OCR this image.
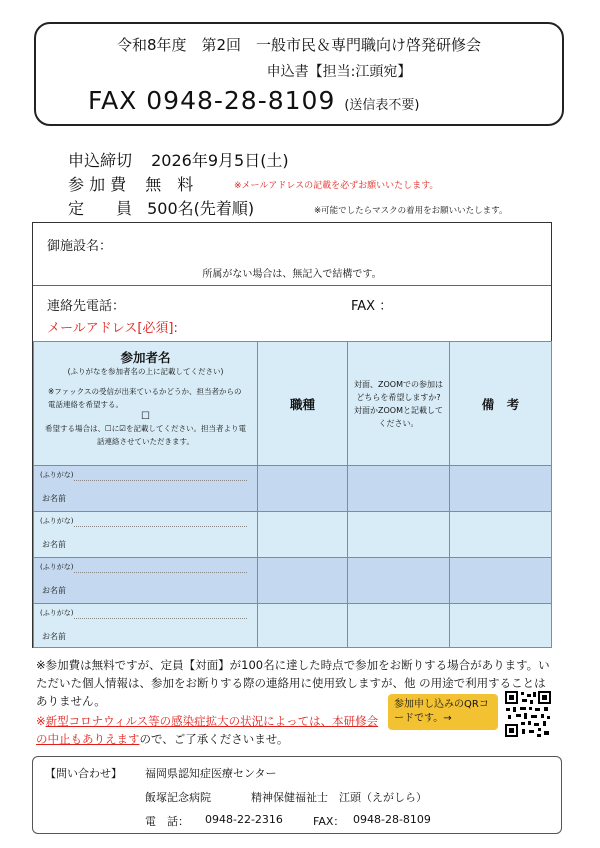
令和8年度　第2回　一般市民＆専門職向け啓発研修会
申込書【担当:江頭宛】
FAX 0948-28-8109 (送信表不要)
申込締切 2026年9月5日(土)
参 加 費 無　料	※メールアドレスの記載を必ずお願いいたします。
定　　員 500名(先着順)	※可能でしたらマスクの着用をお願いいたします。
御施設名：
所属がない場合は、無記入で結構です。
連絡先電話：	FAX ：
メールアドレス[必須]:
参加者名
(ふりがなを参加者名の上に記載してください)
※ファックスの受信が出来ているかどうか、担当者からの電話連絡を希望する。
☐
希望する場合は、☐に☑を記載してください。担当者より電話連絡させていただきます。	職種	対面、ZOOMでの参加はどちらを希望しますか?対面かZOOMと記載してください。	備　考

(ふりがな)
お名前			

(ふりがな)
お名前			

(ふりがな)
お名前			

(ふりがな)
お名前			

※参加費は無料ですが、定員【対面】が100名に達した時点で参加をお断りする場合があります。いただいた個人情報は、参加をお断りする際の連絡用に使用致しますが、他 の用途で利用することはありません。
※新型コロナウィルス等の感染症拡大の状況によっては、本研修会の中止もありえますので、ご了承くださいませ。
参加申し込みのQRコードです。→
【問い合わせ】 福岡県認知症医療センター
飯塚記念病院	精神保健福祉士　江頭（えがしら）
電　話： 0948-22-2316	FAX： 0948-28-8109
